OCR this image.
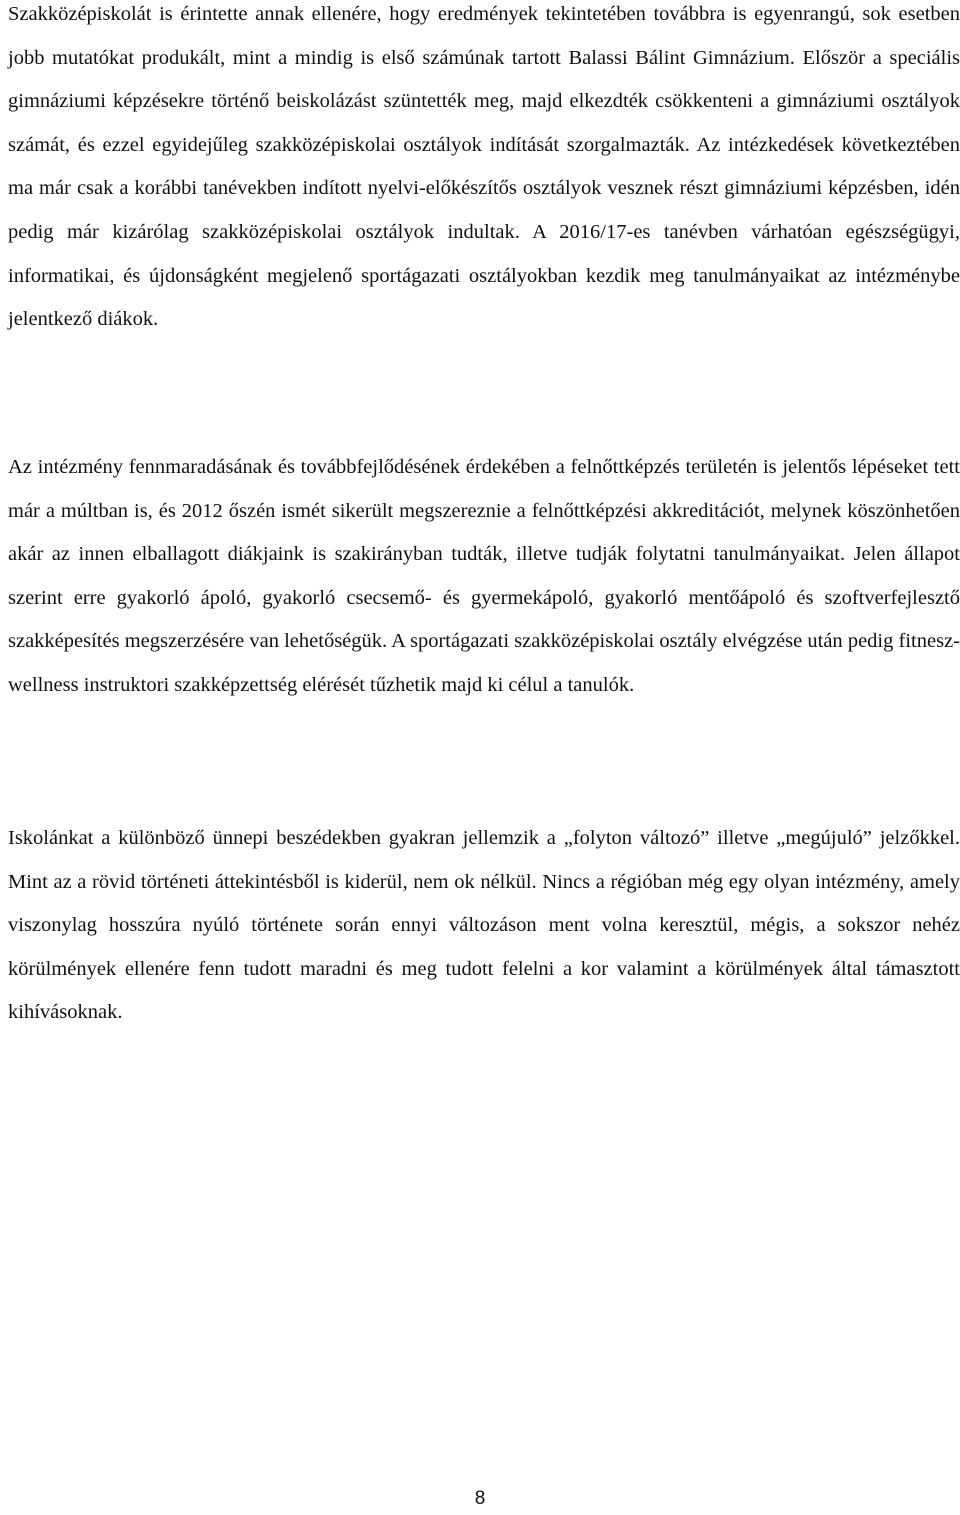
Szakközépiskolát is érintette annak ellenére, hogy eredmények tekintetében továbbra is egyenrangú, sok esetben jobb mutatókat produkált, mint a mindig is első számúnak tartott Balassi Bálint Gimnázium. Először a speciális gimnáziumi képzésekre történő beiskolázást szüntették meg, majd elkezdték csökkenteni a gimnáziumi osztályok számát, és ezzel egyidejűleg szakközépiskolai osztályok indítását szorgalmazták. Az intézkedések következtében ma már csak a korábbi tanévekben indított nyelvi-előkészítős osztályok vesznek részt gimnáziumi képzésben, idén pedig már kizárólag szakközépiskolai osztályok indultak. A 2016/17-es tanévben várhatóan egészségügyi, informatikai, és újdonságként megjelenő sportágazati osztályokban kezdik meg tanulmányaikat az intézménybe jelentkező diákok.

Az intézmény fennmaradásának és továbbfejlődésének érdekében a felnőttképzés területén is jelentős lépéseket tett már a múltban is, és 2012 őszén ismét sikerült megszereznie a felnőttképzési akkreditációt, melynek köszönhetően akár az innen elballagott diákjaink is szakirányban tudták, illetve tudják folytatni tanulmányaikat. Jelen állapot szerint erre gyakorló ápoló, gyakorló csecsemő- és gyermekápoló, gyakorló mentőápoló és szoftverfejlesztő szakképesítés megszerzésére van lehetőségük. A sportágazati szakközépiskolai osztály elvégzése után pedig fitnesz-wellness instruktori szakképzettség elérését tűzhetik majd ki célul a tanulók.

Iskolánkat a különböző ünnepi beszédekben gyakran jellemzik a „folyton változó” illetve „megújuló” jelzőkkel. Mint az a rövid történeti áttekintésből is kiderül, nem ok nélkül. Nincs a régióban még egy olyan intézmény, amely viszonylag hosszúra nyúló története során ennyi változáson ment volna keresztül, mégis, a sokszor nehéz körülmények ellenére fenn tudott maradni és meg tudott felelni a kor valamint a körülmények által támasztott kihívásoknak.

8
